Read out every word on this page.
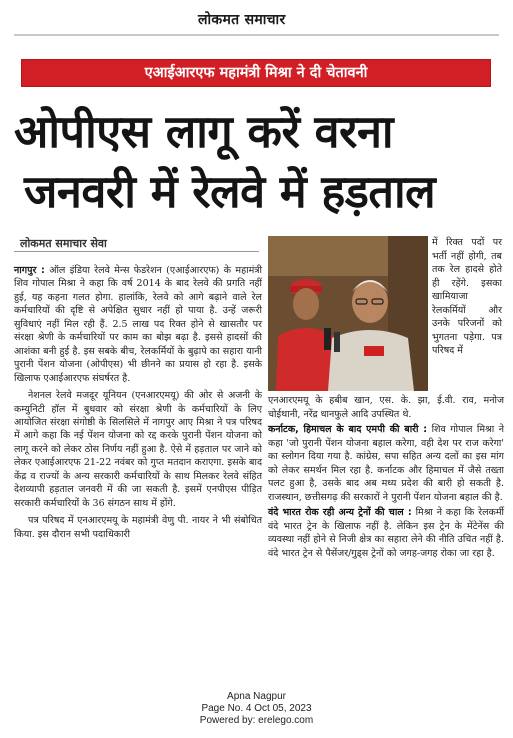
लोकमत समाचार
एआईआरएफ महामंत्री मिश्रा ने दी चेतावनी
ओपीएस लागू करें वरना
जनवरी में रेलवे में हड़ताल
लोकमत समाचार सेवा

नागपुर : ऑल इंडिया रेलवे मेन्स फेडरेशन (एआईआरएफ) के महामंत्री शिव गोपाल मिश्रा ने कहा कि वर्ष 2014 के बाद रेलवे की प्रगति नहीं हुई, यह कहना गलत होगा. हालांकि, रेलवे को आगे बढ़ाने वाले रेल कर्मचारियों की दृष्टि से अपेक्षित सुधार नहीं हो पाया है. उन्हें जरूरी सुविधाएं नहीं मिल रही हैं. 2.5 लाख पद रिक्त होने से खासतौर पर संरक्षा श्रेणी के कर्मचारियों पर काम का बोझ बढ़ा है. इससे हादसों की आशंका बनी हुई है. इस सबके बीच, रेलकर्मियों के बुढ़ापे का सहारा यानी पुरानी पेंशन योजना (ओपीएस) भी छीनने का प्रयास हो रहा है. इसके खिलाफ एआईआरएफ संघर्षरत है.

नेशनल रेलवे मजदूर यूनियन (एनआरएमयू) की ओर से अजनी के कम्युनिटी हॉल में बुधवार को संरक्षा श्रेणी के कर्मचारियों के लिए आयोजित संरक्षा संगोष्ठी के सिलसिले में नागपुर आए मिश्रा ने पत्र परिषद में आगे कहा कि नई पेंशन योजना को रद्द करके पुरानी पेंशन योजना को लागू करने को लेकर ठोस निर्णय नहीं हुआ है. ऐसे में हड़ताल पर जाने को लेकर एआईआरएफ 21-22 नवंबर को गुप्त मतदान कराएगा. इसके बाद केंद्र व राज्यों के अन्य सरकारी कर्मचारियों के साथ मिलकर रेलवे संहित देशव्यापी हड़ताल जनवरी में की जा सकती है. इसमें एनपीएस पीड़ित सरकारी कर्मचारियों के 36 संगठन साथ में होंगे.

पत्र परिषद में एनआरएमयू के महामंत्री वेणु पी. नायर ने भी संबोधित किया. इस दौरान सभी पदाधिकारी

में रिक्त पदों पर भर्ती नहीं होगी, तब तक रेल हादसे होते ही रहेंगे. इसका खामियाजा रेलकर्मियों और उनके परिजनों को भुगतना पड़ेगा. पत्र परिषद में

एनआरएमयू के हबीब खान, एस. के. झा, ई.वी. राव, मनोज चोईथानी, नरेंद्र धानफुले आदि उपस्थित थे.

कर्नाटक, हिमाचल के बाद एमपी की बारी : शिव गोपाल मिश्रा ने कहा 'जो पुरानी पेंशन योजना बहाल करेगा, वही देश पर राज करेगा' का स्लोगन दिया गया है. कांग्रेस, सपा सहित अन्य दलों का इस मांग को लेकर समर्थन मिल रहा है. कर्नाटक और हिमाचल में जैसे तख्ता पलट हुआ है, उसके बाद अब मध्य प्रदेश की बारी हो सकती है. राजस्थान, छत्तीसगढ़ की सरकारों ने पुरानी पेंशन योजना बहाल की है.

वंदे भारत रोक रही अन्य ट्रेनों की चाल : मिश्रा ने कहा कि रेलकर्मी वंदे भारत ट्रेन के खिलाफ नहीं है. लेकिन इस ट्रेन के मेंटेनेंस की व्यवस्था नहीं होने से निजी क्षेत्र का सहारा लेने की नीति उचित नहीं है. वंदे भारत ट्रेन से पैसेंजर/गुड्स ट्रेनों को जगह-जगह रोका जा रहा है.

Apna Nagpur
Page No. 4 Oct 05, 2023
Powered by: erelego.com
